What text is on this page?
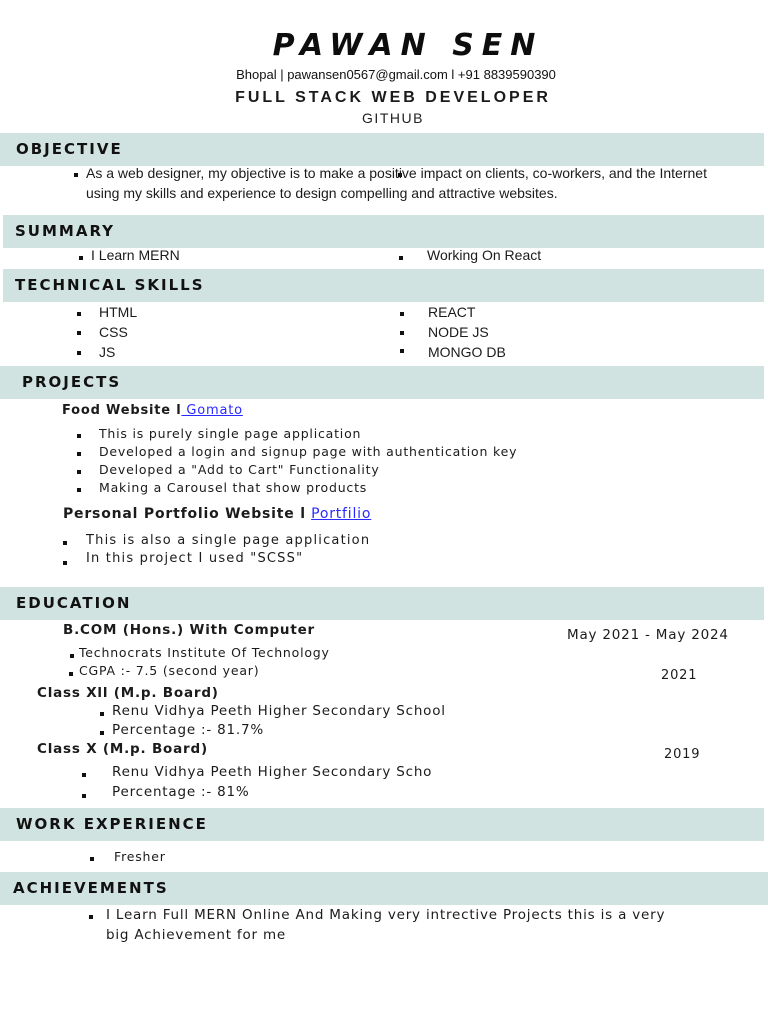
PAWAN SEN
Bhopal | pawansen0567@gmail.com l +91 8839590390
FULL STACK WEB DEVELOPER
GITHUB
OBJECTIVE
As a web designer, my objective is to make a positive impact on clients, co-workers, and the Internet
using my skills and experience to design compelling and attractive websites.
SUMMARY
I Learn MERN	Working On React
TECHNICAL SKILLS
HTML
CSS
JS
REACT
NODE JS
MONGO DB
PROJECTS
Food Website l Gomato
This is purely single page application
Developed a login and signup page with authentication key
Developed a "Add to Cart" Functionality
Making a Carousel that show products
Personal Portfolio Website l Portfilio
This is also a single page application
In this project I used "SCSS"
EDUCATION
B.COM (Hons.) With Computer	May 2021 - May 2024
Technocrats Institute Of Technology
CGPA :- 7.5 (second year)	2021
Class Xll (M.p. Board)
Renu Vidhya Peeth Higher Secondary School
Percentage :- 81.7%
Class X (M.p. Board)	2019
Renu Vidhya Peeth Higher Secondary Scho
Percentage :- 81%
WORK EXPERIENCE
Fresher
ACHIEVEMENTS
I Learn Full MERN Online And Making very intrective Projects this is a very
big Achievement for me
